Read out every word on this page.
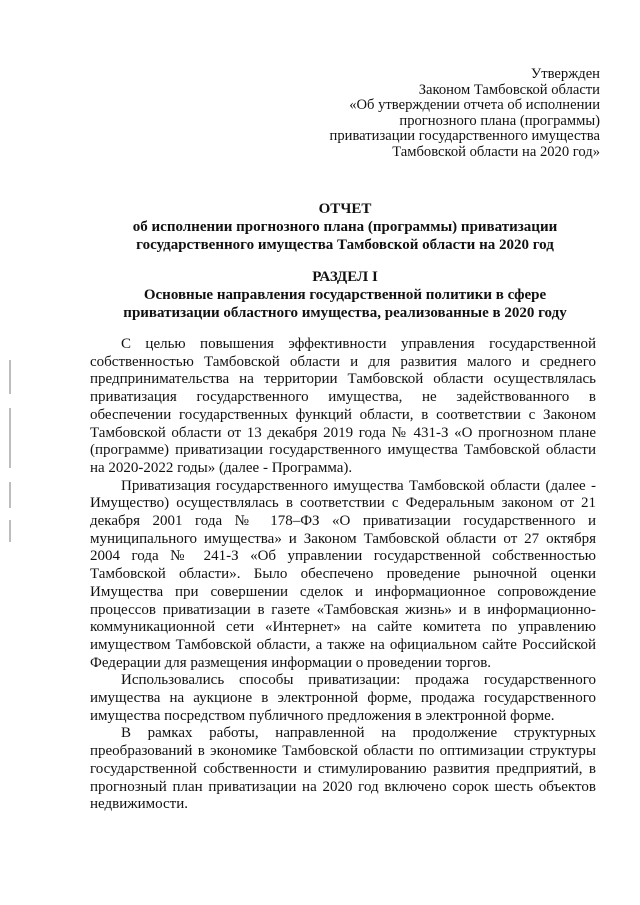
Утвержден
Законом Тамбовской области
«Об утверждении отчета об исполнении
прогнозного плана (программы)
приватизации государственного имущества
Тамбовской области на 2020 год»
ОТЧЕТ
об исполнении прогнозного плана (программы) приватизации
государственного имущества Тамбовской области на 2020 год
РАЗДЕЛ I
Основные направления государственной политики в сфере
приватизации областного имущества, реализованные в 2020 году

С целью повышения эффективности управления государственной собственностью Тамбовской области и для развития малого и среднего предпринимательства на территории Тамбовской области осуществлялась приватизация государственного имущества, не задействованного в обеспечении государственных функций области, в соответствии с Законом Тамбовской области от 13 декабря 2019 года № 431-З «О прогнозном плане (программе) приватизации государственного имущества Тамбовской области на 2020-2022 годы» (далее - Программа).

Приватизация государственного имущества Тамбовской области (далее - Имущество) осуществлялась в соответствии с Федеральным законом от 21 декабря 2001 года № 178–ФЗ «О приватизации государственного и муниципального имущества» и Законом Тамбовской области от 27 октября 2004 года № 241-З «Об управлении государственной собственностью Тамбовской области». Было обеспечено проведение рыночной оценки Имущества при совершении сделок и информационное сопровождение процессов приватизации в газете «Тамбовская жизнь» и в информационно-коммуникационной сети «Интернет» на сайте комитета по управлению имуществом Тамбовской области, а также на официальном сайте Российской Федерации для размещения информации о проведении торгов.

Использовались способы приватизации: продажа государственного имущества на аукционе в электронной форме, продажа государственного имущества посредством публичного предложения в электронной форме.

В рамках работы, направленной на продолжение структурных преобразований в экономике Тамбовской области по оптимизации структуры государственной собственности и стимулированию развития предприятий, в прогнозный план приватизации на 2020 год включено сорок шесть объектов недвижимости.
